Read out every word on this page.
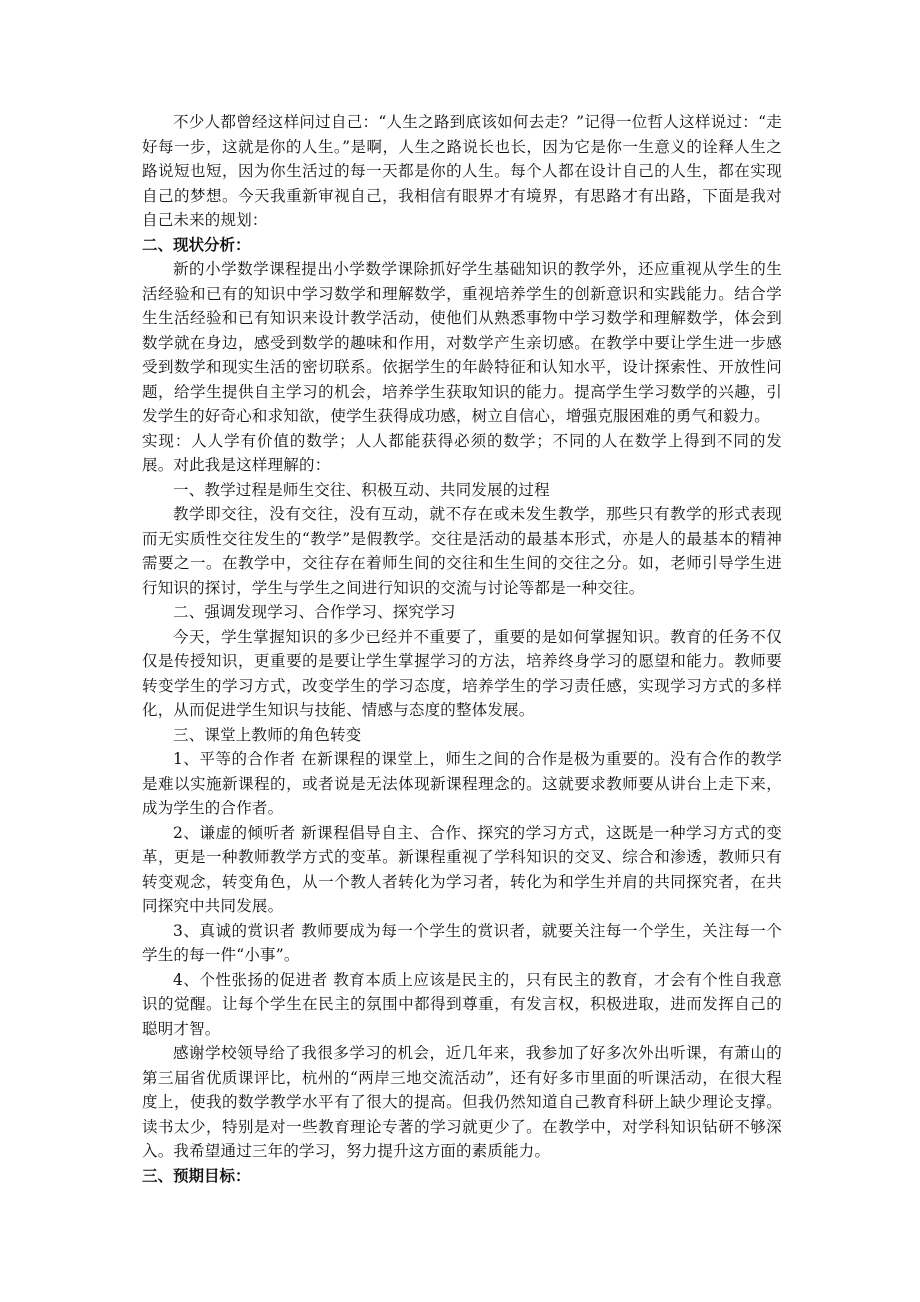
不少人都曾经这样问过自己：“人生之路到底该如何去走？”记得一位哲人这样说过：“走好每一步，这就是你的人生。”是啊，人生之路说长也长，因为它是你一生意义的诠释人生之路说短也短，因为你生活过的每一天都是你的人生。每个人都在设计自己的人生，都在实现自己的梦想。今天我重新审视自己，我相信有眼界才有境界，有思路才有出路，下面是我对自己未来的规划：

二、现状分析：

新的小学数学课程提出小学数学课除抓好学生基础知识的教学外，还应重视从学生的生活经验和已有的知识中学习数学和理解数学，重视培养学生的创新意识和实践能力。结合学生生活经验和已有知识来设计教学活动，使他们从熟悉事物中学习数学和理解数学，体会到数学就在身边，感受到数学的趣味和作用，对数学产生亲切感。在教学中要让学生进一步感受到数学和现实生活的密切联系。依据学生的年龄特征和认知水平，设计探索性、开放性问题，给学生提供自主学习的机会，培养学生获取知识的能力。提高学生学习数学的兴趣，引发学生的好奇心和求知欲，使学生获得成功感，树立自信心，增强克服困难的勇气和毅力。

实现：人人学有价值的数学；人人都能获得必须的数学；不同的人在数学上得到不同的发展。对此我是这样理解的：

一、教学过程是师生交往、积极互动、共同发展的过程

教学即交往，没有交往，没有互动，就不存在或未发生教学，那些只有教学的形式表现而无实质性交往发生的“教学”是假教学。交往是活动的最基本形式，亦是人的最基本的精神需要之一。在教学中，交往存在着师生间的交往和生生间的交往之分。如，老师引导学生进行知识的探讨，学生与学生之间进行知识的交流与讨论等都是一种交往。

二、强调发现学习、合作学习、探究学习

今天，学生掌握知识的多少已经并不重要了，重要的是如何掌握知识。教育的任务不仅仅是传授知识，更重要的是要让学生掌握学习的方法，培养终身学习的愿望和能力。教师要转变学生的学习方式，改变学生的学习态度，培养学生的学习责任感，实现学习方式的多样化，从而促进学生知识与技能、情感与态度的整体发展。

三、课堂上教师的角色转变

1、平等的合作者 在新课程的课堂上，师生之间的合作是极为重要的。没有合作的教学是难以实施新课程的，或者说是无法体现新课程理念的。这就要求教师要从讲台上走下来，成为学生的合作者。

2、谦虚的倾听者 新课程倡导自主、合作、探究的学习方式，这既是一种学习方式的变革，更是一种教师教学方式的变革。新课程重视了学科知识的交叉、综合和渗透，教师只有转变观念，转变角色，从一个教人者转化为学习者，转化为和学生并肩的共同探究者，在共同探究中共同发展。

3、真诚的赏识者 教师要成为每一个学生的赏识者，就要关注每一个学生，关注每一个学生的每一件“小事”。

4、个性张扬的促进者 教育本质上应该是民主的，只有民主的教育，才会有个性自我意识的觉醒。让每个学生在民主的氛围中都得到尊重，有发言权，积极进取，进而发挥自己的聪明才智。

感谢学校领导给了我很多学习的机会，近几年来，我参加了好多次外出听课，有萧山的第三届省优质课评比，杭州的“两岸三地交流活动”，还有好多市里面的听课活动，在很大程度上，使我的数学教学水平有了很大的提高。但我仍然知道自己教育科研上缺少理论支撑。读书太少，特别是对一些教育理论专著的学习就更少了。在教学中，对学科知识钻研不够深入。我希望通过三年的学习，努力提升这方面的素质能力。

三、预期目标：
